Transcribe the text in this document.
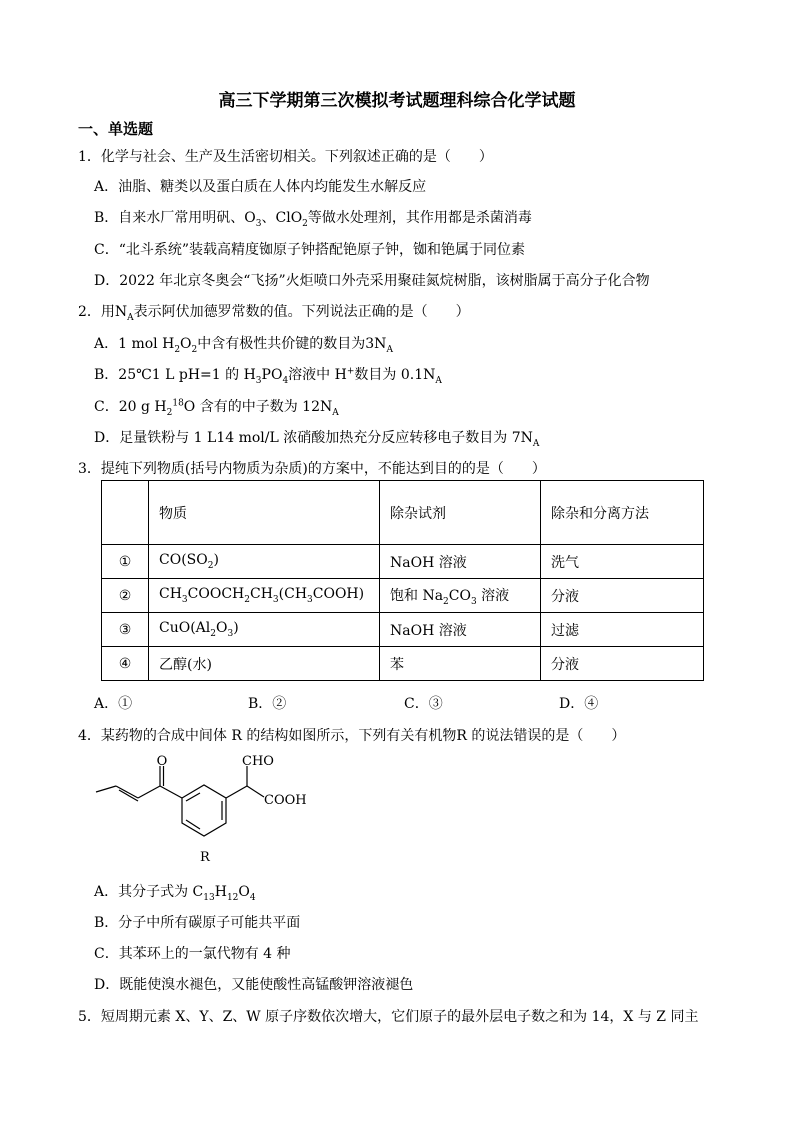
高三下学期第三次模拟考试题理科综合化学试题
一、单选题
1．化学与社会、生产及生活密切相关。下列叙述正确的是（　　）
A．油脂、糖类以及蛋白质在人体内均能发生水解反应
B．自来水厂常用明矾、$O_3$、ClO$_2$等做水处理剂，其作用都是杀菌消毒
C．“北斗系统”装载高精度铷原子钟搭配铯原子钟，铷和铯属于同位素
D．2022 年北京冬奥会“飞扬”火炬喷口外壳采用聚硅氮烷树脂，该树脂属于高分子化合物
2．用$N_A$表示阿伏加德罗常数的值。下列说法正确的是（　　）
A．1 mol $H_2O_2$中含有极性共价键的数目为$3N_A$
B．25℃1 L pH=1 的 $H_3PO_4$溶液中 H+数目为 $0.1N_A$
C．20 g $H_2^{18}O$ 含有的中子数为 $12N_A$
D．足量铁粉与 1 L14 mol/L 浓硝酸加热充分反应转移电子数目为 $7N_A$
3．提纯下列物质(括号内物质为杂质)的方案中，不能达到目的的是（　　）
	物质	除杂试剂	除杂和分离方法
①	$CO(SO_2)$	NaOH 溶液	洗气
②	$CH_3COOCH_2CH_3(CH_3COOH)$	饱和 $Na_2CO_3$ 溶液	分液
③	$CuO(Al_2O_3)$	NaOH 溶液	过滤
④	乙醇(水)	苯	分液
A．①	B．②	C．③	D．④
4．某药物的合成中间体 R 的结构如图所示，下列有关有机物R 的说法错误的是（　　）
O	CHO
COOH
R
A．其分子式为 $C_{13}H_{12}O_4$
B．分子中所有碳原子可能共平面
C．其苯环上的一氯代物有 4 种
D．既能使溴水褪色，又能使酸性高锰酸钾溶液褪色
5．短周期元素 X、Y、Z、W 原子序数依次增大，它们原子的最外层电子数之和为 14，X 与 Z 同主
